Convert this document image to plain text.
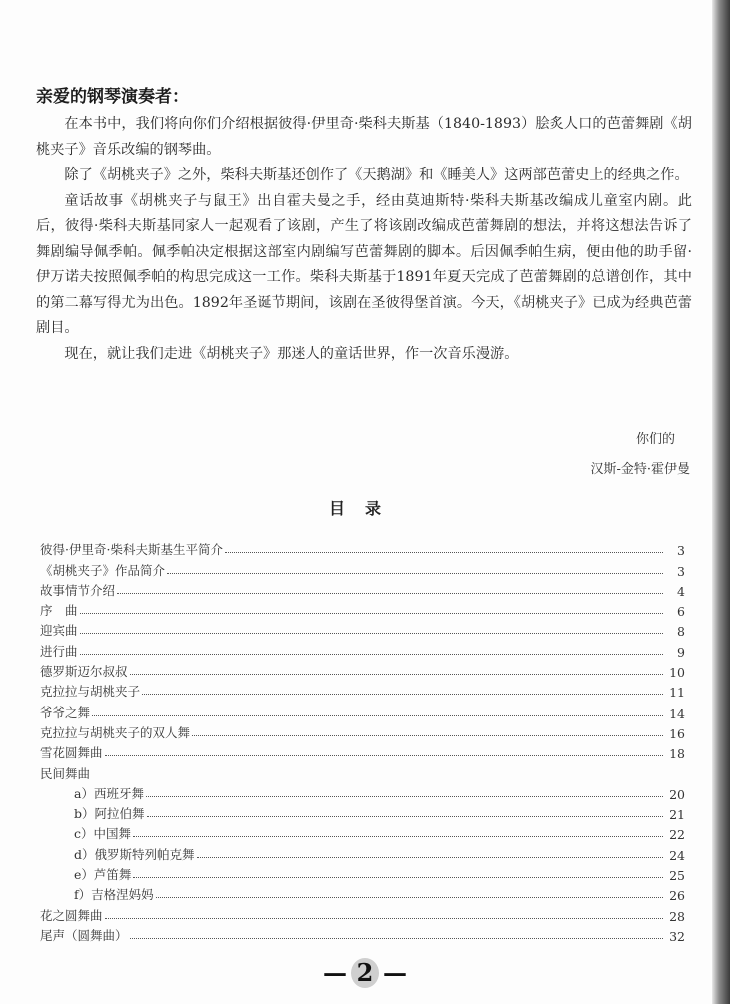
亲爱的钢琴演奏者：

在本书中，我们将向你们介绍根据彼得·伊里奇·柴科夫斯基（1840-1893）脍炙人口的芭蕾舞剧《胡桃夹子》音乐改编的钢琴曲。

除了《胡桃夹子》之外，柴科夫斯基还创作了《天鹅湖》和《睡美人》这两部芭蕾史上的经典之作。

童话故事《胡桃夹子与鼠王》出自霍夫曼之手，经由莫迪斯特·柴科夫斯基改编成儿童室内剧。此后，彼得·柴科夫斯基同家人一起观看了该剧，产生了将该剧改编成芭蕾舞剧的想法，并将这想法告诉了舞剧编导佩季帕。佩季帕决定根据这部室内剧编写芭蕾舞剧的脚本。后因佩季帕生病，便由他的助手留·伊万诺夫按照佩季帕的构思完成这一工作。柴科夫斯基于1891年夏天完成了芭蕾舞剧的总谱创作，其中的第二幕写得尤为出色。1892年圣诞节期间，该剧在圣彼得堡首演。今天，《胡桃夹子》已成为经典芭蕾剧目。

现在，就让我们走进《胡桃夹子》那迷人的童话世界，作一次音乐漫游。

你们的
汉斯-金特·霍伊曼
目录
彼得·伊里奇·柴科夫斯基生平简介	3
《胡桃夹子》作品简介	3
故事情节介绍	4
序　曲	6
迎宾曲	8
进行曲	9
德罗斯迈尔叔叔	10
克拉拉与胡桃夹子	11
爷爷之舞	14
克拉拉与胡桃夹子的双人舞	16
雪花圆舞曲	18
民间舞曲
a）西班牙舞	20
b）阿拉伯舞	21
c）中国舞	22
d）俄罗斯特列帕克舞	24
e）芦笛舞	25
f）吉格涅妈妈	26
花之圆舞曲	28
尾声（圆舞曲）	32
— 2 —
